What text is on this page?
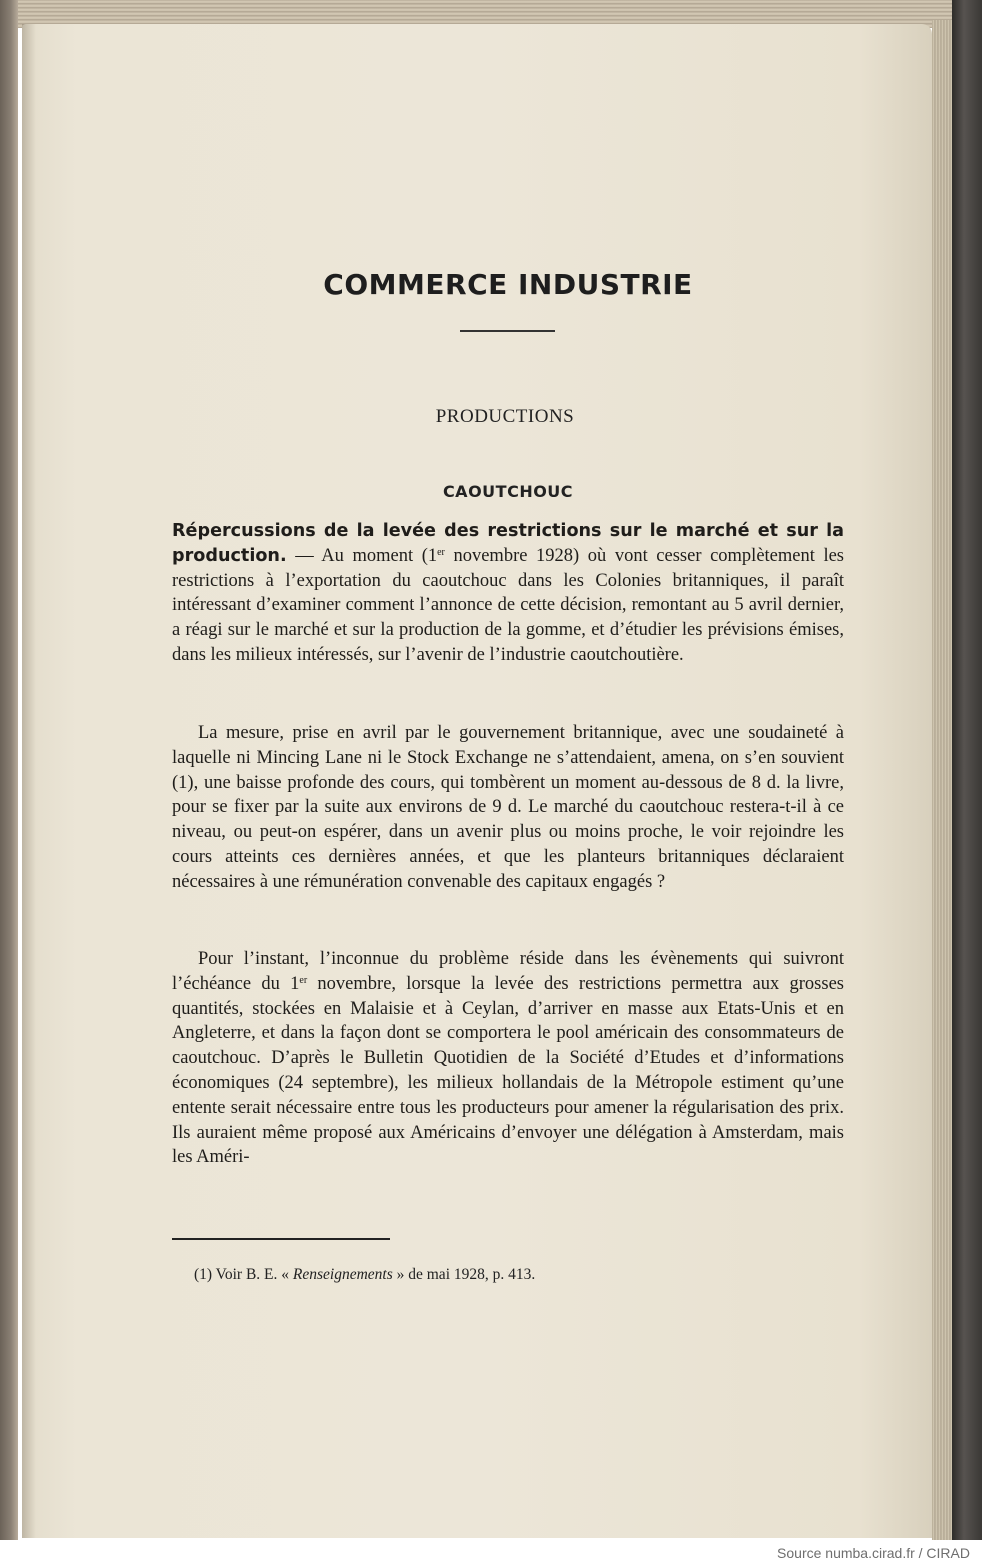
COMMERCE INDUSTRIE
PRODUCTIONS
CAOUTCHOUC
Répercussions de la levée des restrictions sur le marché et sur la production. — Au moment (1er novembre 1928) où vont cesser complètement les restrictions à l’exportation du caoutchouc dans les Colonies britanniques, il paraît intéressant d’examiner comment l’annonce de cette décision, remontant au 5 avril dernier, a réagi sur le marché et sur la production de la gomme, et d’étudier les prévisions émises, dans les milieux intéressés, sur l’avenir de l’industrie caoutchoutière.
La mesure, prise en avril par le gouvernement britannique, avec une soudaineté à laquelle ni Mincing Lane ni le Stock Exchange ne s’attendaient, amena, on s’en souvient (1), une baisse profonde des cours, qui tombèrent un moment au-dessous de 8 d. la livre, pour se fixer par la suite aux environs de 9 d. Le marché du caoutchouc restera-t-il à ce niveau, ou peut-on espérer, dans un avenir plus ou moins proche, le voir rejoindre les cours atteints ces dernières années, et que les planteurs britanniques déclaraient nécessaires à une rémunération convenable des capitaux engagés ?
Pour l’instant, l’inconnue du problème réside dans les évènements qui suivront l’échéance du 1er novembre, lorsque la levée des restrictions permettra aux grosses quantités, stockées en Malaisie et à Ceylan, d’arriver en masse aux Etats-Unis et en Angleterre, et dans la façon dont se comportera le pool américain des consommateurs de caoutchouc. D’après le Bulletin Quotidien de la Société d’Etudes et d’informations économiques (24 septembre), les milieux hollandais de la Métropole estiment qu’une entente serait nécessaire entre tous les producteurs pour amener la régularisation des prix. Ils auraient même proposé aux Américains d’envoyer une délégation à Amsterdam, mais les Améri-
(1) Voir B. E. « Renseignements » de mai 1928, p. 413.
Source numba.cirad.fr / CIRAD
